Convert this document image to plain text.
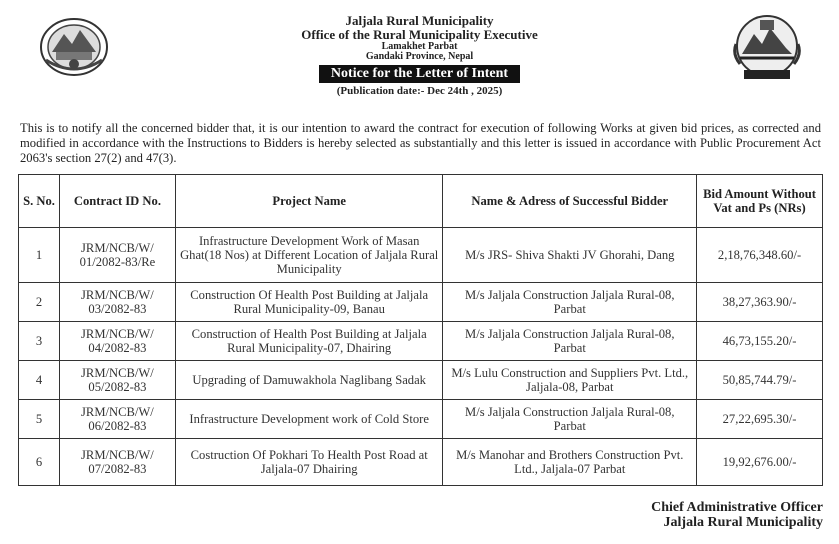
Jaljala Rural Municipality
Office of the Rural Municipality Executive
Lamakhet Parbat
Gandaki Province, Nepal
Notice for the Letter of Intent
(Publication date:- Dec 24th , 2025)
This is to notify all the concerned bidder that, it is our intention to award the contract for execution of following Works at given bid prices, as corrected and modified in accordance with the Instructions to Bidders is hereby selected as substantially and this letter is issued in accordance with Public Procurement Act 2063's section 27(2) and 47(3).
S. No.	Contract ID No.	Project Name	Name & Adress of Successful Bidder	Bid Amount Without Vat and Ps (NRs)
1	JRM/NCB/W/ 01/2082-83/Re	Infrastructure Development Work of Masan Ghat(18 Nos) at Different Location of Jaljala Rural Municipality	M/s JRS- Shiva Shakti JV Ghorahi, Dang	2,18,76,348.60/-
2	JRM/NCB/W/ 03/2082-83	Construction Of Health Post Building at Jaljala Rural Municipality-09, Banau	M/s Jaljala Construction Jaljala Rural-08, Parbat	38,27,363.90/-
3	JRM/NCB/W/ 04/2082-83	Construction of Health Post Building at Jaljala Rural Municipality-07, Dhairing	M/s Jaljala Construction Jaljala Rural-08, Parbat	46,73,155.20/-
4	JRM/NCB/W/ 05/2082-83	Upgrading of Damuwakhola Naglibang Sadak	M/s Lulu Construction and Suppliers Pvt. Ltd., Jaljala-08, Parbat	50,85,744.79/-
5	JRM/NCB/W/ 06/2082-83	Infrastructure Development work of Cold Store	M/s Jaljala Construction Jaljala Rural-08, Parbat	27,22,695.30/-
6	JRM/NCB/W/ 07/2082-83	Costruction Of Pokhari To Health Post Road at Jaljala-07 Dhairing	M/s Manohar and Brothers Construction Pvt. Ltd., Jaljala-07 Parbat	19,92,676.00/-
Chief Administrative Officer
Jaljala Rural Municipality
